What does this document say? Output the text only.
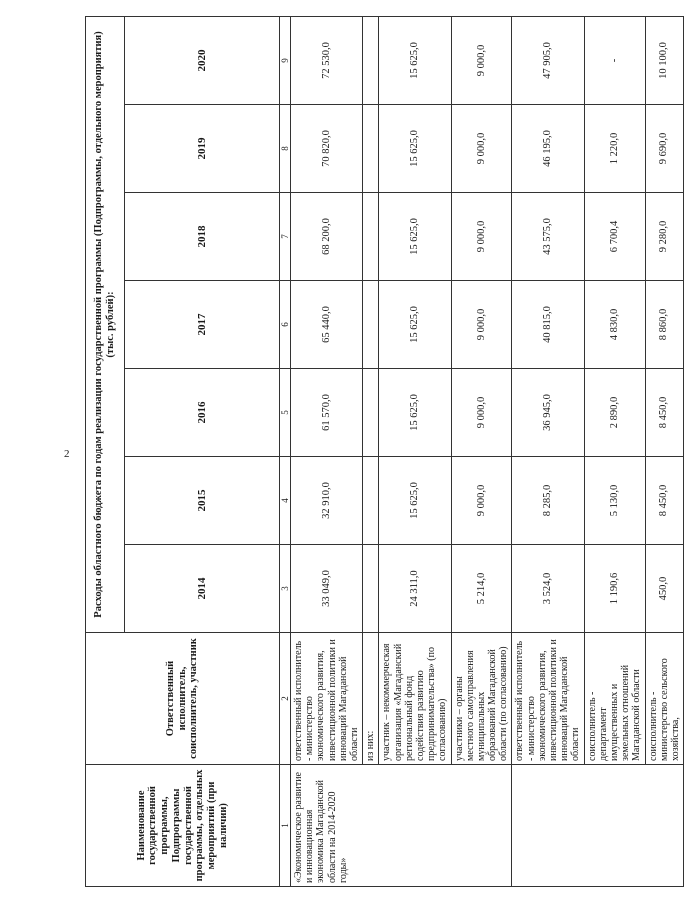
2
Наименование государственной программы, Подпрограммы государственной программы, отдельных мероприятий (при наличии)	Ответственный исполнитель, соисполнитель, участник	Расходы областного бюджета по годам реализации государственной программы (Подпрограммы, отдельного мероприятия) (тыс. рублей):						
		2014	2015	2016	2017	2018	2019	2020
1	2	3	4	5	6	7	8	9
«Экономическое развитие и инновационная экономика Магаданской области на 2014-2020 годы»	ответственный исполнитель - министерство экономического развития, инвестиционной политики и инноваций Магаданской области	33 049,0	32 910,0	61 570,0	65 440,0	68 200,0	70 820,0	72 530,0
	из них:							
	участник – некоммерческая организация «Магаданский региональный фонд содействия развитию предпринимательства» (по согласованию)	24 311,0	15 625,0	15 625,0	15 625,0	15 625,0	15 625,0	15 625,0
	участники – органы местного самоуправления муниципальных образований Магаданской области (по согласованию)	5 214,0	9 000,0	9 000,0	9 000,0	9 000,0	9 000,0	9 000,0
	ответственный исполнитель - министерство экономического развития, инвестиционной политики и инноваций Магаданской области	3 524,0	8 285,0	36 945,0	40 815,0	43 575,0	46 195,0	47 905,0
	соисполнитель - департамент имущественных и земельных отношений Магаданской области	1 190,6	5 130,0	2 890,0	4 830,0	6 700,4	1 220,0	-
	соисполнитель - министерство сельского хозяйства,	450,0	8 450,0	8 450,0	8 860,0	9 280,0	9 690,0	10 100,0
